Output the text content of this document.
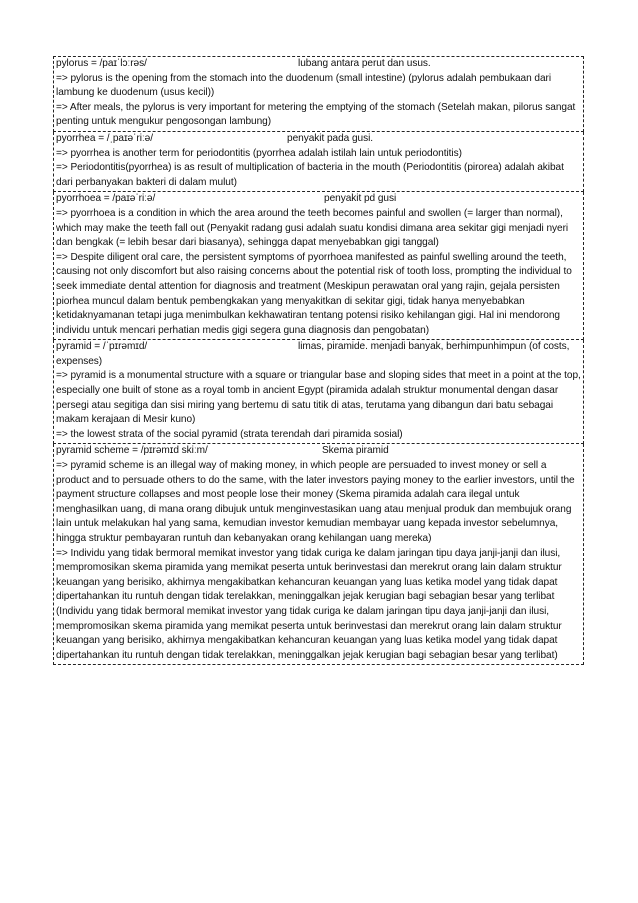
pylorus = /paɪˈlɔːrəs/	lubang antara perut dan usus.
=> pylorus is the opening from the stomach into the duodenum (small intestine) (pylorus adalah pembukaan dari lambung ke duodenum (usus kecil))
=> After meals, the pylorus is very important for metering the emptying of the stomach (Setelah makan, pilorus sangat penting untuk mengukur pengosongan lambung)
pyorrhea = /ˌpaɪəˈriːə/	penyakit pada gusi.
=> pyorrhea is another term for periodontitis (pyorrhea adalah istilah lain untuk periodontitis)
=> Periodontitis(pyorrhea) is as result of multiplication of bacteria in the mouth (Periodontitis (pirorea) adalah akibat dari perbanyakan bakteri di dalam mulut)
pyorrhoea = /paɪəˈriːə/	penyakit pd gusi
=> pyorrhoea is a condition in which the area around the teeth becomes painful and swollen (= larger than normal), which may make the teeth fall out (Penyakit radang gusi adalah suatu kondisi dimana area sekitar gigi menjadi nyeri dan bengkak (= lebih besar dari biasanya), sehingga dapat menyebabkan gigi tanggal)
=> Despite diligent oral care, the persistent symptoms of pyorrhoea manifested as painful swelling around the teeth, causing not only discomfort but also raising concerns about the potential risk of tooth loss, prompting the individual to seek immediate dental attention for diagnosis and treatment (Meskipun perawatan oral yang rajin, gejala persisten piorhea muncul dalam bentuk pembengkakan yang menyakitkan di sekitar gigi, tidak hanya menyebabkan ketidaknyamanan tetapi juga menimbulkan kekhawatiran tentang potensi risiko kehilangan gigi. Hal ini mendorong individu untuk mencari perhatian medis gigi segera guna diagnosis dan pengobatan)
pyramid = /ˈpɪrəmɪd/	limas, piramide. menjadi banyak, berhimpunhimpun (of costs, expenses)
=> pyramid is a monumental structure with a square or triangular base and sloping sides that meet in a point at the top, especially one built of stone as a royal tomb in ancient Egypt (piramida adalah struktur monumental dengan dasar persegi atau segitiga dan sisi miring yang bertemu di satu titik di atas, terutama yang dibangun dari batu sebagai makam kerajaan di Mesir kuno)
=> the lowest strata of the social pyramid (strata terendah dari piramida sosial)
pyramid scheme = /pɪrəmɪd skiːm/	Skema piramid
=> pyramid scheme is an illegal way of making money, in which people are persuaded to invest money or sell a product and to persuade others to do the same, with the later investors paying money to the earlier investors, until the payment structure collapses and most people lose their money (Skema piramida adalah cara ilegal untuk menghasilkan uang, di mana orang dibujuk untuk menginvestasikan uang atau menjual produk dan membujuk orang lain untuk melakukan hal yang sama, kemudian investor kemudian membayar uang kepada investor sebelumnya, hingga struktur pembayaran runtuh dan kebanyakan orang kehilangan uang mereka)
=> Individu yang tidak bermoral memikat investor yang tidak curiga ke dalam jaringan tipu daya janji-janji dan ilusi, mempromosikan skema piramida yang memikat peserta untuk berinvestasi dan merekrut orang lain dalam struktur keuangan yang berisiko, akhirnya mengakibatkan kehancuran keuangan yang luas ketika model yang tidak dapat dipertahankan itu runtuh dengan tidak terelakkan, meninggalkan jejak kerugian bagi sebagian besar yang terlibat (Individu yang tidak bermoral memikat investor yang tidak curiga ke dalam jaringan tipu daya janji-janji dan ilusi, mempromosikan skema piramida yang memikat peserta untuk berinvestasi dan merekrut orang lain dalam struktur keuangan yang berisiko, akhirnya mengakibatkan kehancuran keuangan yang luas ketika model yang tidak dapat dipertahankan itu runtuh dengan tidak terelakkan, meninggalkan jejak kerugian bagi sebagian besar yang terlibat)
